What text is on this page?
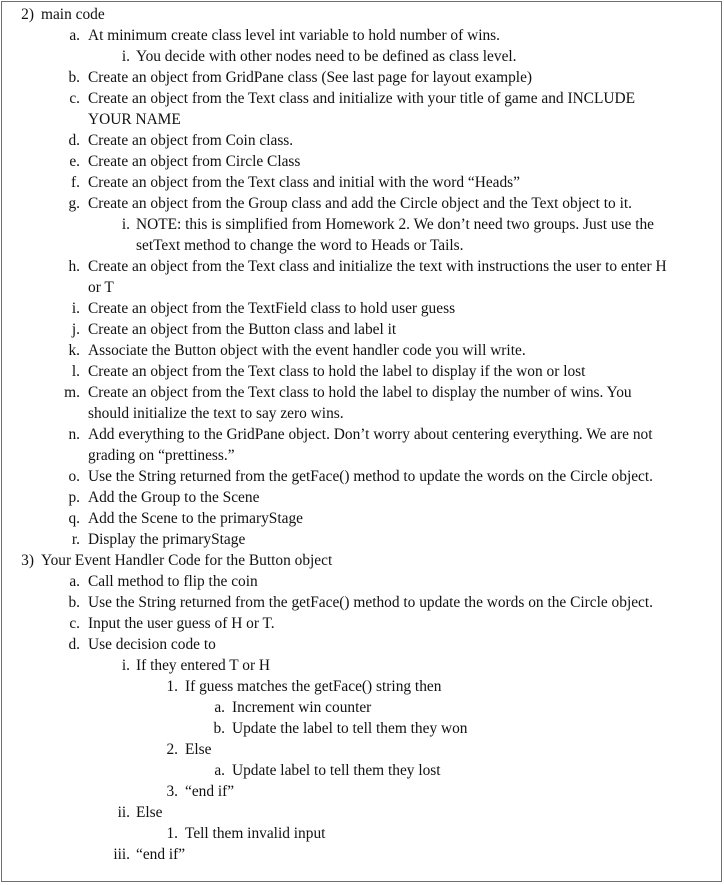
2) main code
a. At minimum create class level int variable to hold number of wins.
i. You decide with other nodes need to be defined as class level.
b. Create an object from GridPane class (See last page for layout example)
c. Create an object from the Text class and initialize with your title of game and INCLUDE
YOUR NAME
d. Create an object from Coin class.
e. Create an object from Circle Class
f. Create an object from the Text class and initial with the word “Heads”
g. Create an object from the Group class and add the Circle object and the Text object to it.
i. NOTE: this is simplified from Homework 2. We don’t need two groups. Just use the
setText method to change the word to Heads or Tails.
h. Create an object from the Text class and initialize the text with instructions the user to enter H
or T
i. Create an object from the TextField class to hold user guess
j. Create an object from the Button class and label it
k. Associate the Button object with the event handler code you will write.
l. Create an object from the Text class to hold the label to display if the won or lost
m. Create an object from the Text class to hold the label to display the number of wins. You
should initialize the text to say zero wins.
n. Add everything to the GridPane object. Don’t worry about centering everything. We are not
grading on “prettiness.”
o. Use the String returned from the getFace() method to update the words on the Circle object.
p. Add the Group to the Scene
q. Add the Scene to the primaryStage
r. Display the primaryStage
3) Your Event Handler Code for the Button object
a. Call method to flip the coin
b. Use the String returned from the getFace() method to update the words on the Circle object.
c. Input the user guess of H or T.
d. Use decision code to
i. If they entered T or H
1. If guess matches the getFace() string then
a. Increment win counter
b. Update the label to tell them they won
2. Else
a. Update label to tell them they lost
3. “end if”
ii. Else
1. Tell them invalid input
iii. “end if”
